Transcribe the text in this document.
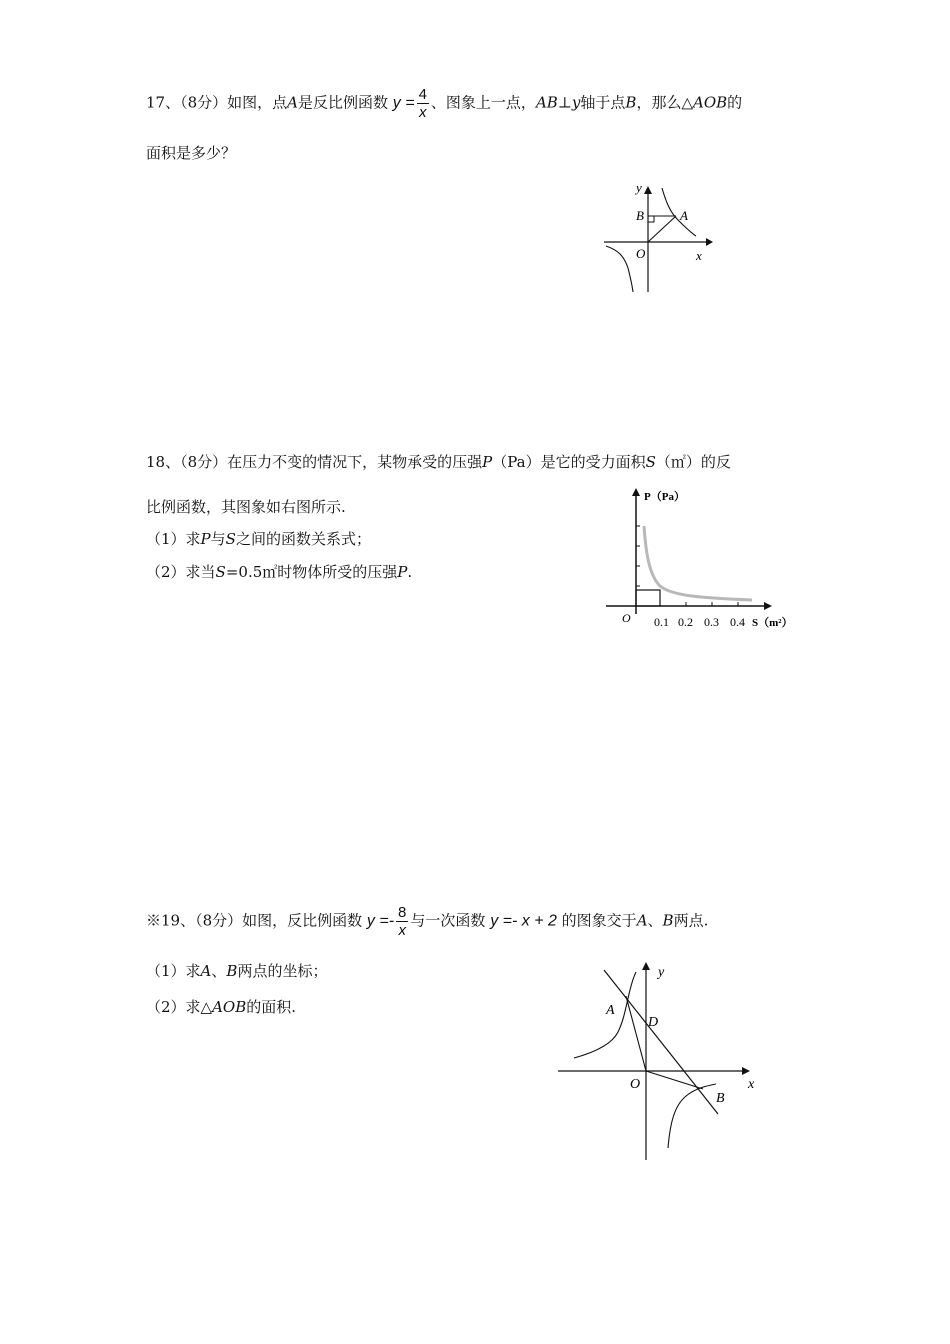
17、（8分）如图，点A是反比例函数 $y = \frac{4}{x}$ 、图象上一点，AB⊥y轴于点B，那么△AOB的
面积是多少？
y
x
O
B	A
18、（8分）在压力不变的情况下，某物承受的压强P（Pa）是它的受力面积S（㎡）的反
比例函数，其图象如右图所示.
（1）求P与S之间的函数关系式；
（2）求当S=0.5㎡时物体所受的压强P.
P（Pa）
O 0.1 0.2 0.3 0.4 S（m²）
※19、（8分）如图，反比例函数 $y =- \frac{8}{x}$ 与一次函数 y =- x + 2 的图象交于A、B两点.
（1）求A、B两点的坐标；
（2）求△AOB的面积.
y
x
O
A
D
B
